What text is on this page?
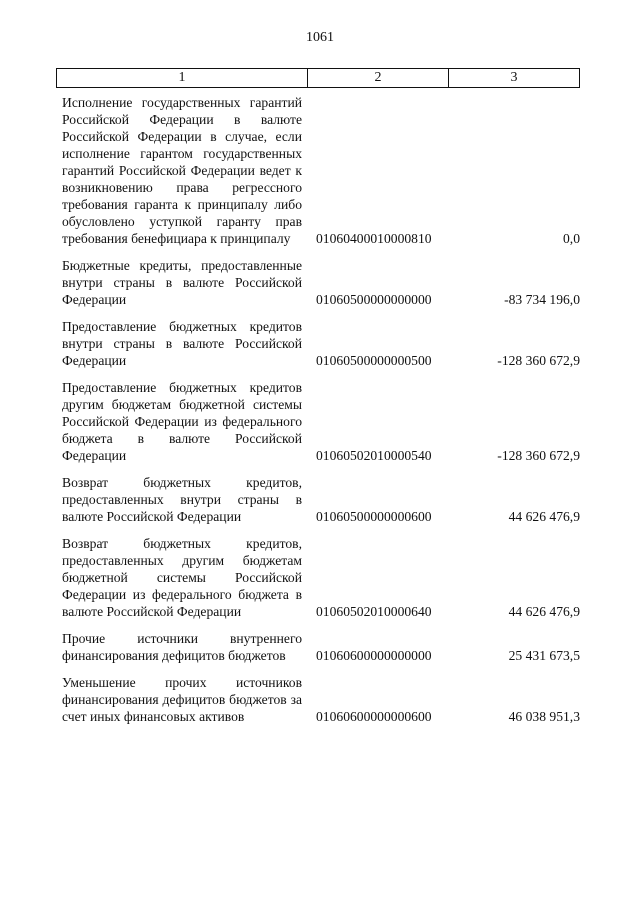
1061
1	2	3
Исполнение государственных гарантий Российской Федерации в валюте Российской Федерации в случае, если исполнение гарантом государственных гарантий Российской Федерации ведет к возникновению права регрессного требования гаранта к принципалу либо обусловлено уступкой гаранту прав требования бенефициара к принципалу	01060400010000810	0,0
Бюджетные кредиты, предоставленные внутри страны в валюте Российской Федерации	01060500000000000	-83 734 196,0
Предоставление бюджетных кредитов внутри страны в валюте Российской Федерации	01060500000000500	-128 360 672,9
Предоставление бюджетных кредитов другим бюджетам бюджетной системы Российской Федерации из федерального бюджета в валюте Российской Федерации	01060502010000540	-128 360 672,9
Возврат бюджетных кредитов, предоставленных внутри страны в валюте Российской Федерации	01060500000000600	44 626 476,9
Возврат бюджетных кредитов, предоставленных другим бюджетам бюджетной системы Российской Федерации из федерального бюджета в валюте Российской Федерации	01060502010000640	44 626 476,9
Прочие источники внутреннего финансирования дефицитов бюджетов	01060600000000000	25 431 673,5
Уменьшение прочих источников финансирования дефицитов бюджетов за счет иных финансовых активов	01060600000000600	46 038 951,3
